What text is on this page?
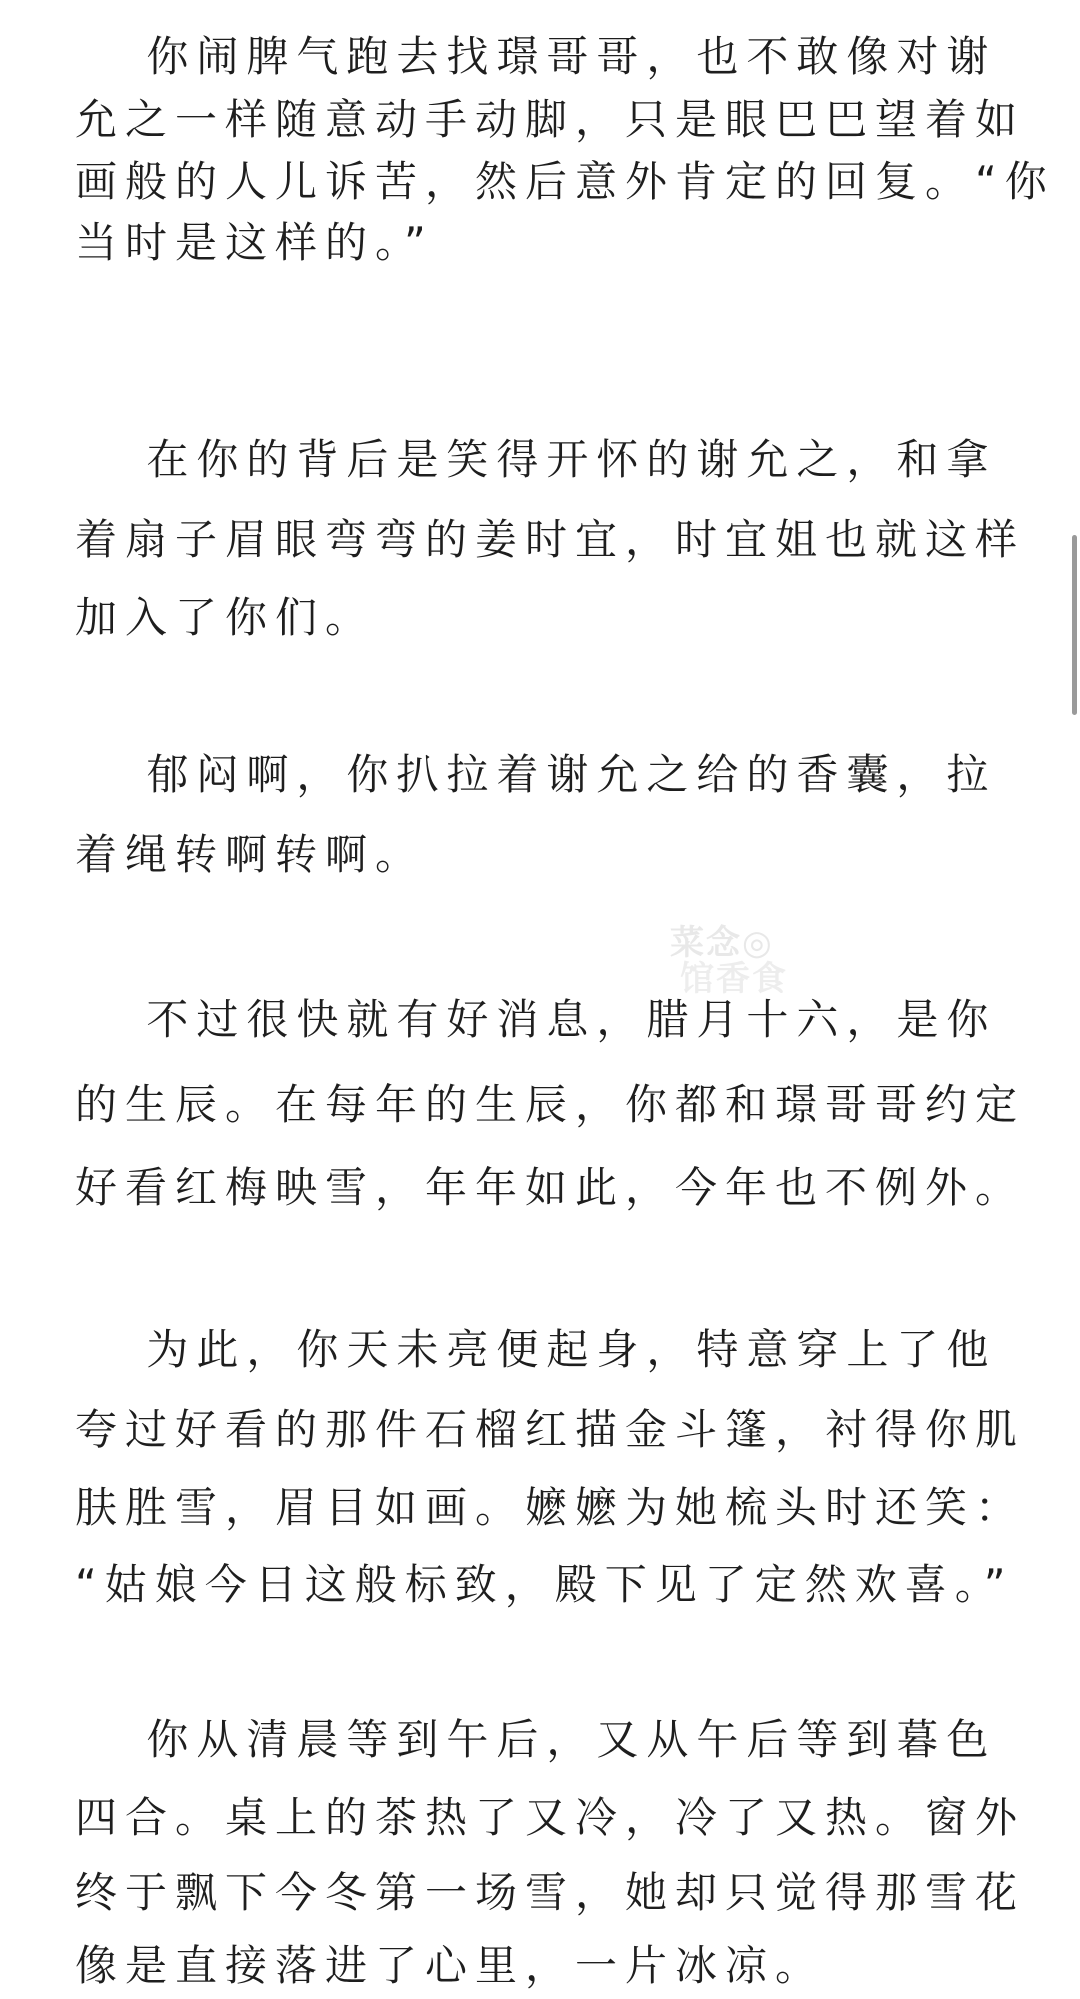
　 你闹脾气跑去找璟哥哥，也不敢像对谢
允之一样随意动手动脚，只是眼巴巴望着如
画般的人儿诉苦，然后意外肯定的回复。“你
当时是这样的。”
　 在你的背后是笑得开怀的谢允之，和拿
着扇子眉眼弯弯的姜时宜，时宜姐也就这样
加入了你们。
　 郁闷啊，你扒拉着谢允之给的香囊，拉
着绳转啊转啊。
　 不过很快就有好消息，腊月十六，是你
的生辰。在每年的生辰，你都和璟哥哥约定
好看红梅映雪，年年如此，今年也不例外。
　 为此，你天未亮便起身，特意穿上了他
夸过好看的那件石榴红描金斗篷，衬得你肌
肤胜雪，眉目如画。嬷嬷为她梳头时还笑：
“姑娘今日这般标致，殿下见了定然欢喜。”
　 你从清晨等到午后，又从午后等到暮色
四合。桌上的茶热了又冷，冷了又热。窗外
终于飘下今冬第一场雪，她却只觉得那雪花
像是直接落进了心里，一片冰凉。
菜念◎
馆香食
